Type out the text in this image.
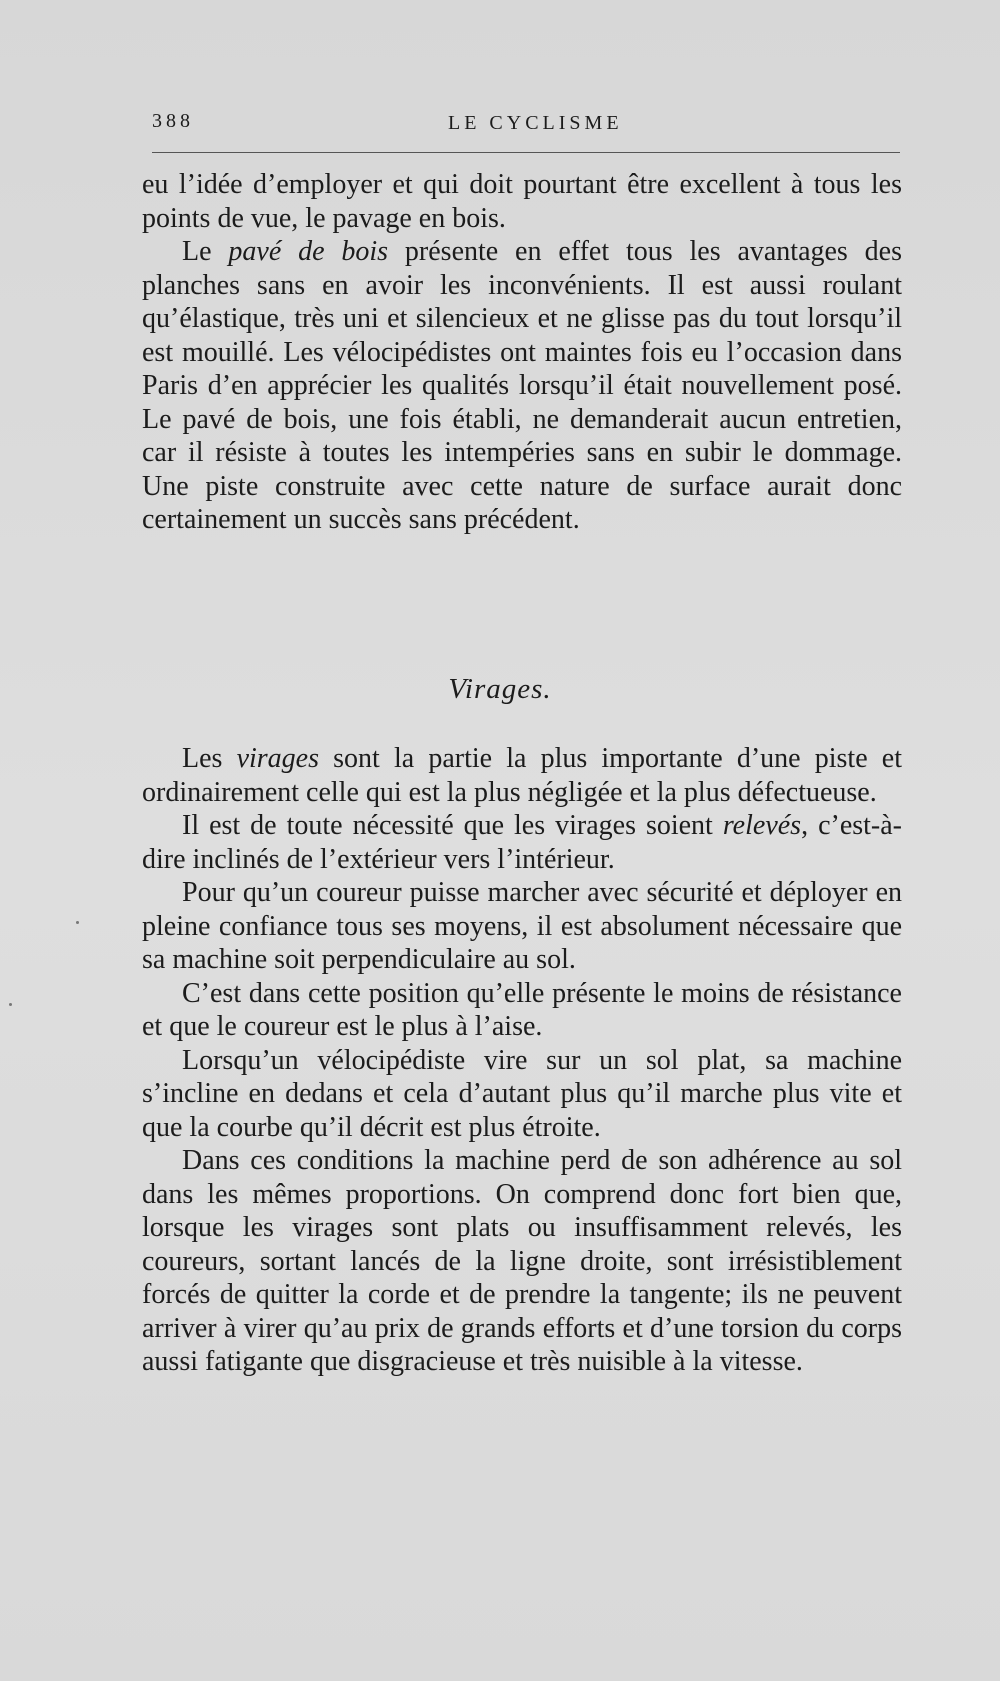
388	LE CYCLISME

eu l’idée d’employer et qui doit pourtant être excellent à tous les points de vue, le pavage en bois.

Le pavé de bois présente en effet tous les avantages des planches sans en avoir les inconvénients. Il est aussi roulant qu’élastique, très uni et silencieux et ne glisse pas du tout lorsqu’il est mouillé. Les vélocipédistes ont maintes fois eu l’occasion dans Paris d’en apprécier les qualités lorsqu’il était nouvellement posé. Le pavé de bois, une fois établi, ne demanderait aucun entretien, car il résiste à toutes les intempéries sans en subir le dommage. Une piste construite avec cette nature de surface aurait donc certainement un succès sans précédent.

Virages.

Les virages sont la partie la plus importante d’une piste et ordinairement celle qui est la plus négligée et la plus défectueuse.

Il est de toute nécessité que les virages soient relevés, c’est-à-dire inclinés de l’extérieur vers l’intérieur.

Pour qu’un coureur puisse marcher avec sécurité et déployer en pleine confiance tous ses moyens, il est absolument nécessaire que sa machine soit perpendiculaire au sol.

C’est dans cette position qu’elle présente le moins de résistance et que le coureur est le plus à l’aise.

Lorsqu’un vélocipédiste vire sur un sol plat, sa machine s’incline en dedans et cela d’autant plus qu’il marche plus vite et que la courbe qu’il décrit est plus étroite.

Dans ces conditions la machine perd de son adhérence au sol dans les mêmes proportions. On comprend donc fort bien que, lorsque les virages sont plats ou insuffisamment relevés, les coureurs, sortant lancés de la ligne droite, sont irrésistiblement forcés de quitter la corde et de prendre la tangente; ils ne peuvent arriver à virer qu’au prix de grands efforts et d’une torsion du corps aussi fatigante que disgracieuse et très nuisible à la vitesse.
